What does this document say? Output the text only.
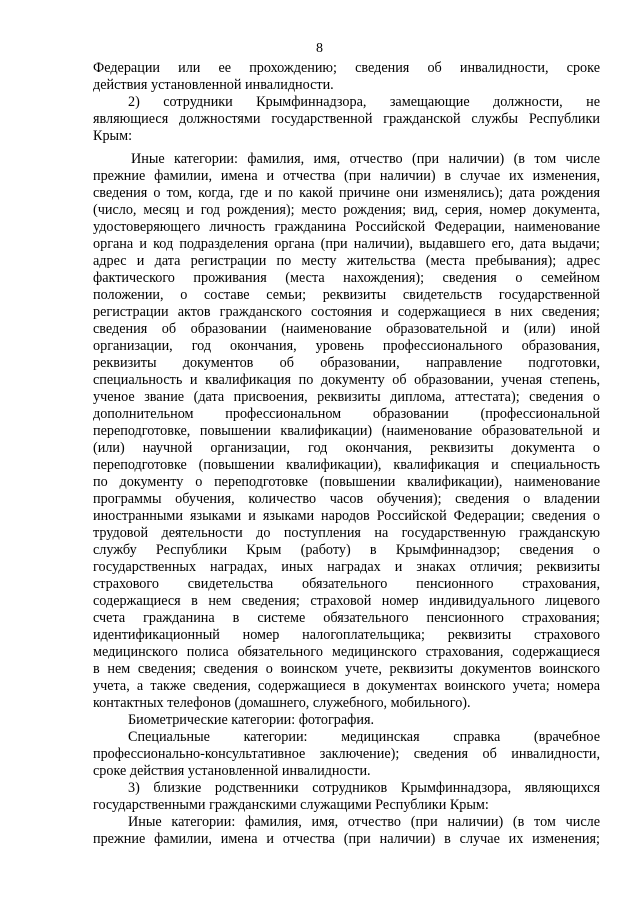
8
Федерации или ее прохождению; сведения об инвалидности, сроке
действия установленной инвалидности.
2) сотрудники Крымфиннадзора, замещающие должности, не
являющиеся должностями государственной гражданской службы Республики
Крым:
Иные категории: фамилия, имя, отчество (при наличии) (в том числе
прежние фамилии, имена и отчества (при наличии) в случае их изменения,
сведения о том, когда, где и по какой причине они изменялись); дата рождения
(число, месяц и год рождения); место рождения; вид, серия, номер документа,
удостоверяющего личность гражданина Российской Федерации, наименование
органа и код подразделения органа (при наличии), выдавшего его, дата выдачи;
адрес и дата регистрации по месту жительства (места пребывания); адрес
фактического проживания (места нахождения); сведения о семейном
положении, о составе семьи; реквизиты свидетельств государственной
регистрации актов гражданского состояния и содержащиеся в них сведения;
сведения об образовании (наименование образовательной и (или) иной
организации, год окончания, уровень профессионального образования,
реквизиты документов об образовании, направление подготовки,
специальность и квалификация по документу об образовании, ученая степень,
ученое звание (дата присвоения, реквизиты диплома, аттестата); сведения о
дополнительном профессиональном образовании (профессиональной
переподготовке, повышении квалификации) (наименование образовательной и
(или) научной организации, год окончания, реквизиты документа о
переподготовке (повышении квалификации), квалификация и специальность
по документу о переподготовке (повышении квалификации), наименование
программы обучения, количество часов обучения); сведения о владении
иностранными языками и языками народов Российской Федерации; сведения о
трудовой деятельности до поступления на государственную гражданскую
службу Республики Крым (работу) в Крымфиннадзор; сведения о
государственных наградах, иных наградах и знаках отличия; реквизиты
страхового свидетельства обязательного пенсионного страхования,
содержащиеся в нем сведения; страховой номер индивидуального лицевого
счета гражданина в системе обязательного пенсионного страхования;
идентификационный номер налогоплательщика; реквизиты страхового
медицинского полиса обязательного медицинского страхования, содержащиеся
в нем сведения; сведения о воинском учете, реквизиты документов воинского
учета, а также сведения, содержащиеся в документах воинского учета; номера
контактных телефонов (домашнего, служебного, мобильного).
Биометрические категории: фотография.
Специальные категории: медицинская справка (врачебное
профессионально-консультативное заключение); сведения об инвалидности,
сроке действия установленной инвалидности.
3) близкие родственники сотрудников Крымфиннадзора, являющихся
государственными гражданскими служащими Республики Крым:
Иные категории: фамилия, имя, отчество (при наличии) (в том числе
прежние фамилии, имена и отчества (при наличии) в случае их изменения;
